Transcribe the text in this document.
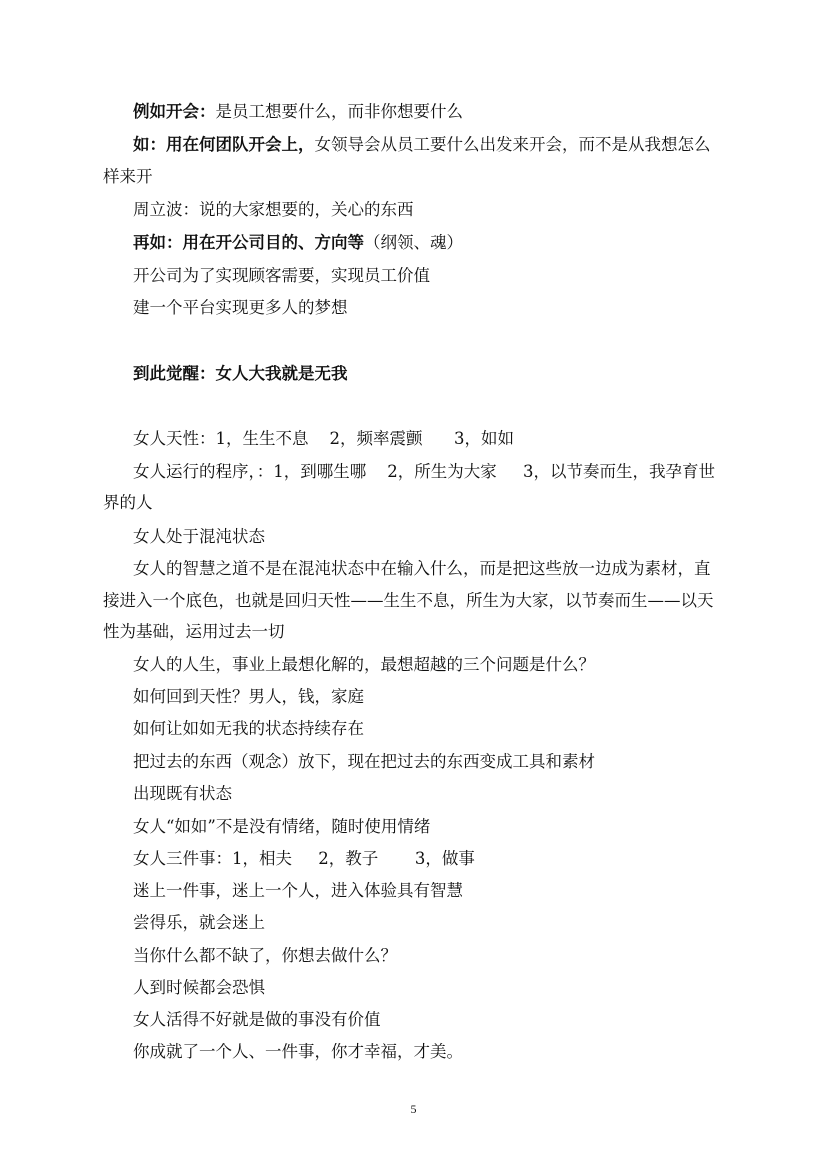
例如开会：是员工想要什么，而非你想要什么
如：用在何团队开会上，女领导会从员工要什么出发来开会，而不是从我想怎么
样来开
周立波：说的大家想要的，关心的东西
再如：用在开公司目的、方向等（纲领、魂）
开公司为了实现顾客需要，实现员工价值
建一个平台实现更多人的梦想
到此觉醒：女人大我就是无我
女人天性：1，生生不息    2，频率震颤      3，如如
女人运行的程序，：1，到哪生哪    2，所生为大家     3，以节奏而生，我孕育世
界的人
女人处于混沌状态
女人的智慧之道不是在混沌状态中在输入什么，而是把这些放一边成为素材，直
接进入一个底色，也就是回归天性——生生不息，所生为大家，以节奏而生——以天
性为基础，运用过去一切
女人的人生，事业上最想化解的，最想超越的三个问题是什么？
如何回到天性？男人，钱，家庭
如何让如如无我的状态持续存在
把过去的东西（观念）放下，现在把过去的东西变成工具和素材
出现既有状态
女人“如如”不是没有情绪，随时使用情绪
女人三件事：1，相夫     2，教子       3，做事
迷上一件事，迷上一个人，进入体验具有智慧
尝得乐，就会迷上
当你什么都不缺了，你想去做什么？
人到时候都会恐惧
女人活得不好就是做的事没有价值
你成就了一个人、一件事，你才幸福，才美。
5
